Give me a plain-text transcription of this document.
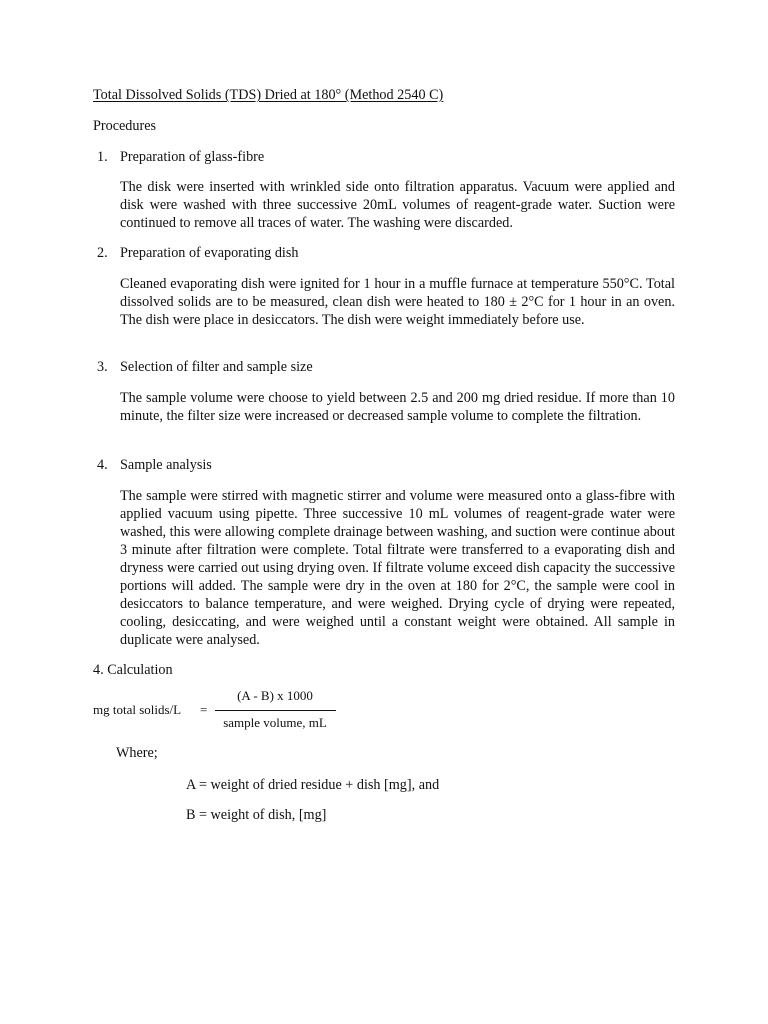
Total Dissolved Solids (TDS) Dried at 180° (Method 2540 C)
Procedures
1. Preparation of glass-fibre
The disk were inserted with wrinkled side onto filtration apparatus. Vacuum were applied and disk were washed with three successive 20mL volumes of reagent-grade water. Suction were continued to remove all traces of water. The washing were discarded.
2. Preparation of evaporating dish
Cleaned evaporating dish were ignited for 1 hour in a muffle furnace at temperature 550°C. Total dissolved solids are to be measured, clean dish were heated to 180 ± 2°C for 1 hour in an oven. The dish were place in desiccators. The dish were weight immediately before use.
3. Selection of filter and sample size
The sample volume were choose to yield between 2.5 and 200 mg dried residue. If more than 10 minute, the filter size were increased or decreased sample volume to complete the filtration.
4. Sample analysis
The sample were stirred with magnetic stirrer and volume were measured onto a glass-fibre with applied vacuum using pipette. Three successive 10 mL volumes of reagent-grade water were washed, this were allowing complete drainage between washing, and suction were continue about 3 minute after filtration were complete. Total filtrate were transferred to a evaporating dish and dryness were carried out using drying oven. If filtrate volume exceed dish capacity the successive portions will added. The sample were dry in the oven at 180 for 2°C, the sample were cool in desiccators to balance temperature, and were weighed. Drying cycle of drying were repeated, cooling, desiccating, and were weighed until a constant weight were obtained. All sample in duplicate were analysed.
4. Calculation
mg total solids/L =
(A - B) x 1000
sample volume, mL
Where;
A = weight of dried residue + dish [mg], and
B = weight of dish, [mg]
